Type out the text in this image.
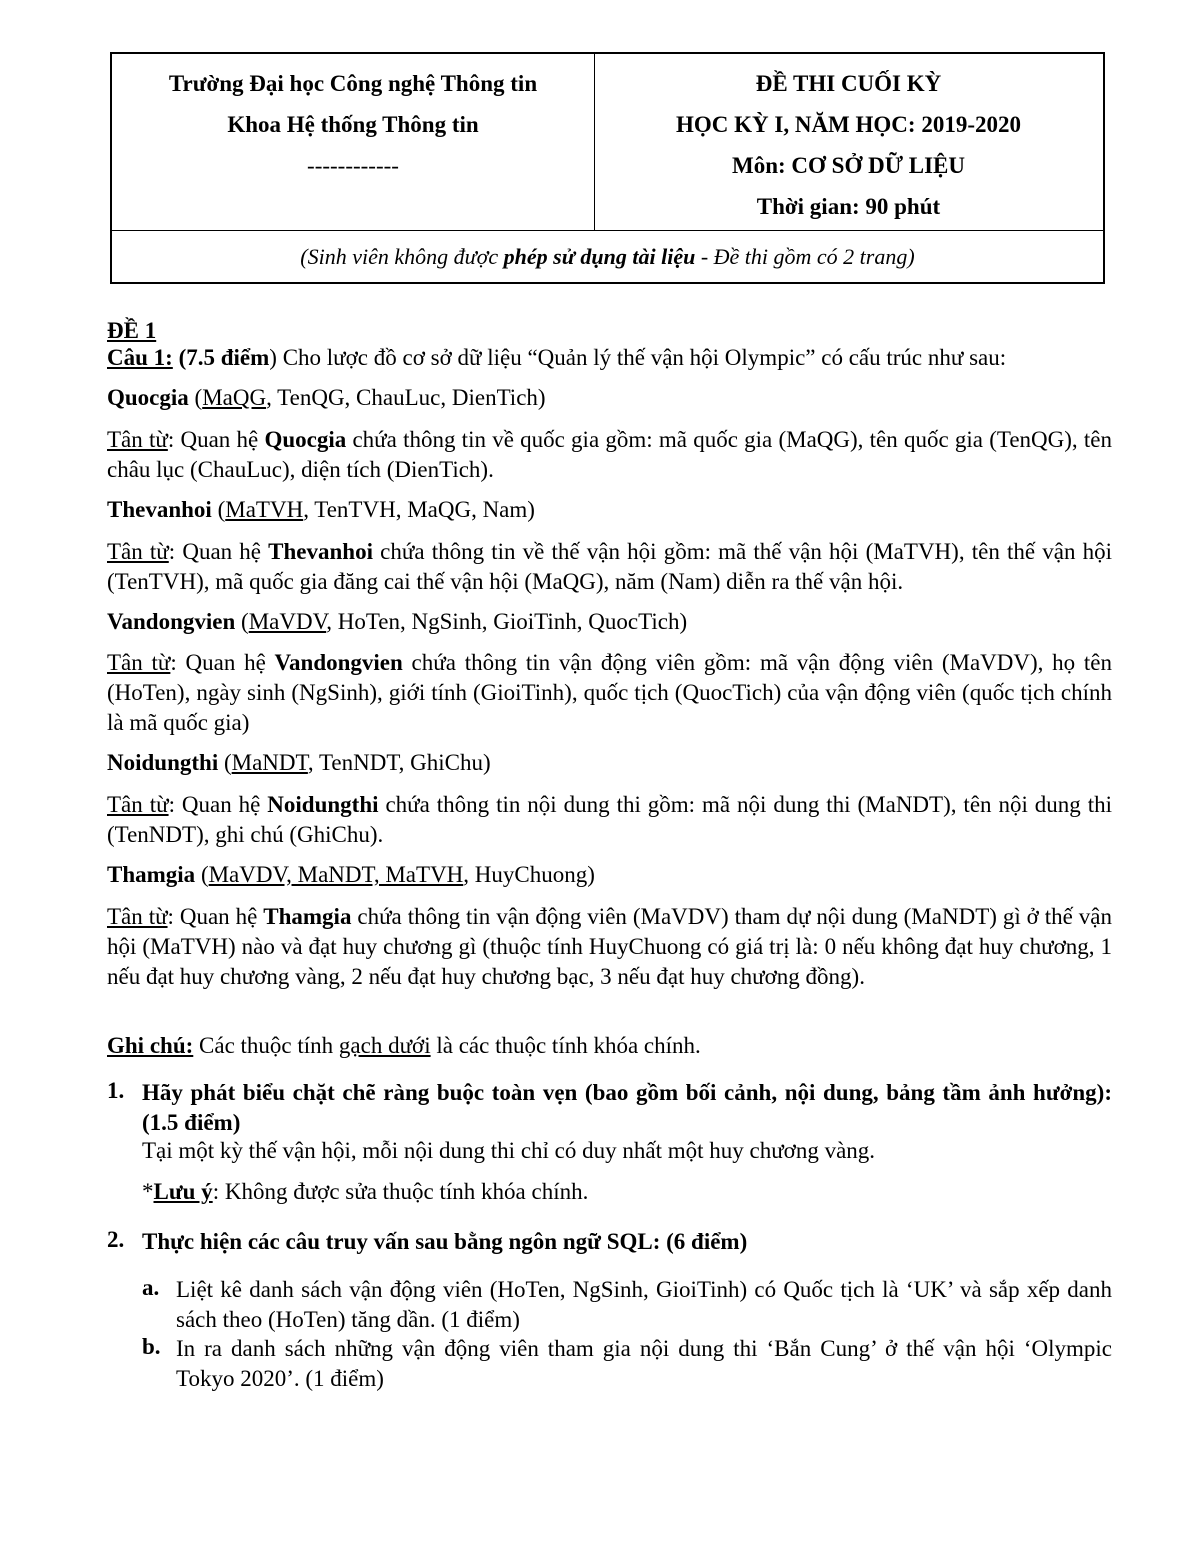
Trường Đại học Công nghệ Thông tin
Khoa Hệ thống Thông tin
------------
ĐỀ THI CUỐI KỲ
HỌC KỲ I, NĂM HỌC: 2019-2020
Môn: CƠ SỞ DỮ LIỆU
Thời gian: 90 phút
(Sinh viên không được phép sử dụng tài liệu - Đề thi gồm có 2 trang)
ĐỀ 1
Câu 1: (7.5 điểm) Cho lược đồ cơ sở dữ liệu “Quản lý thế vận hội Olympic” có cấu trúc như sau:
Quocgia (MaQG, TenQG, ChauLuc, DienTich)
Tân từ: Quan hệ Quocgia chứa thông tin về quốc gia gồm: mã quốc gia (MaQG), tên quốc gia (TenQG), tên châu lục (ChauLuc), diện tích (DienTich).
Thevanhoi (MaTVH, TenTVH, MaQG, Nam)
Tân từ: Quan hệ Thevanhoi chứa thông tin về thế vận hội gồm: mã thế vận hội (MaTVH), tên thế vận hội (TenTVH), mã quốc gia đăng cai thế vận hội (MaQG), năm (Nam) diễn ra thế vận hội.
Vandongvien (MaVDV, HoTen, NgSinh, GioiTinh, QuocTich)
Tân từ: Quan hệ Vandongvien chứa thông tin vận động viên gồm: mã vận động viên (MaVDV), họ tên (HoTen), ngày sinh (NgSinh), giới tính (GioiTinh), quốc tịch (QuocTich) của vận động viên (quốc tịch chính là mã quốc gia)
Noidungthi (MaNDT, TenNDT, GhiChu)
Tân từ: Quan hệ Noidungthi chứa thông tin nội dung thi gồm: mã nội dung thi (MaNDT), tên nội dung thi (TenNDT), ghi chú (GhiChu).
Thamgia (MaVDV, MaNDT, MaTVH, HuyChuong)
Tân từ: Quan hệ Thamgia chứa thông tin vận động viên (MaVDV) tham dự nội dung (MaNDT) gì ở thế vận hội (MaTVH) nào và đạt huy chương gì (thuộc tính HuyChuong có giá trị là: 0 nếu không đạt huy chương, 1 nếu đạt huy chương vàng, 2 nếu đạt huy chương bạc, 3 nếu đạt huy chương đồng).
Ghi chú: Các thuộc tính gạch dưới là các thuộc tính khóa chính.
1. Hãy phát biểu chặt chẽ ràng buộc toàn vẹn (bao gồm bối cảnh, nội dung, bảng tầm ảnh hưởng): (1.5 điểm)
Tại một kỳ thế vận hội, mỗi nội dung thi chỉ có duy nhất một huy chương vàng.
*Lưu ý: Không được sửa thuộc tính khóa chính.
2. Thực hiện các câu truy vấn sau bằng ngôn ngữ SQL: (6 điểm)
a. Liệt kê danh sách vận động viên (HoTen, NgSinh, GioiTinh) có Quốc tịch là ‘UK’ và sắp xếp danh sách theo (HoTen) tăng dần. (1 điểm)
b. In ra danh sách những vận động viên tham gia nội dung thi ‘Bắn Cung’ ở thế vận hội ‘Olympic Tokyo 2020’. (1 điểm)
